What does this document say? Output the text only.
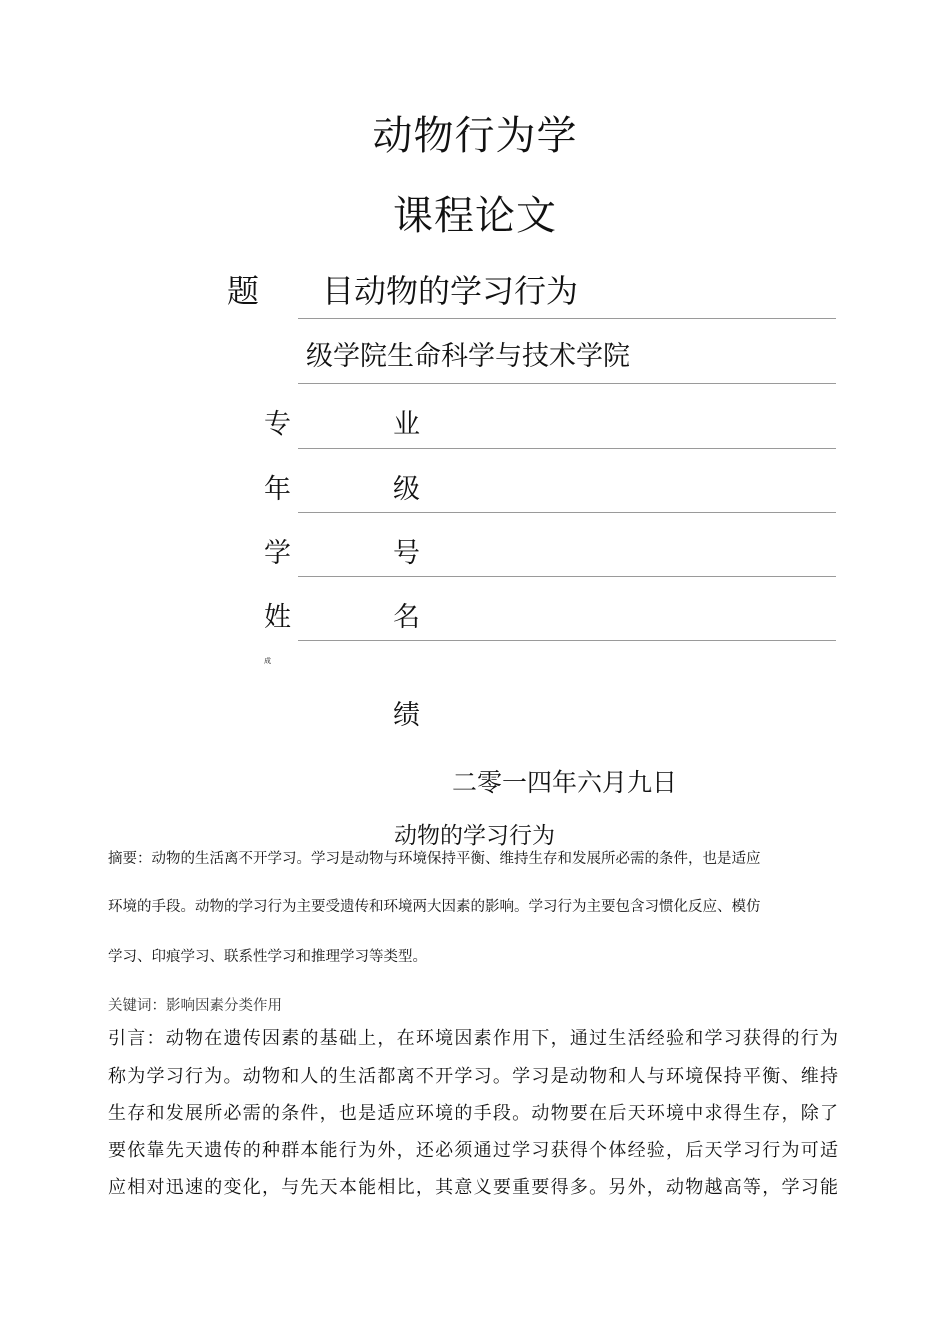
动物行为学
课程论文
题 目动物的学习行为
级学院生命科学与技术学院
专	业
年	级
学	号
姓	名
成
绩
二零一四年六月九日
动物的学习行为
摘要：动物的生活离不开学习。学习是动物与环境保持平衡、维持生存和发展所必需的条件，也是适应
环境的手段。动物的学习行为主要受遗传和环境两大因素的影响。学习行为主要包含习惯化反应、模仿
学习、印痕学习、联系性学习和推理学习等类型。
关键词：影响因素分类作用
引言：动物在遗传因素的基础上，在环境因素作用下，通过生活经验和学习获得的行为
称为学习行为。动物和人的生活都离不开学习。学习是动物和人与环境保持平衡、维持
生存和发展所必需的条件，也是适应环境的手段。动物要在后天环境中求得生存，除了
要依靠先天遗传的种群本能行为外，还必须通过学习获得个体经验，后天学习行为可适
应相对迅速的变化，与先天本能相比，其意义要重要得多。另外，动物越高等，学习能
